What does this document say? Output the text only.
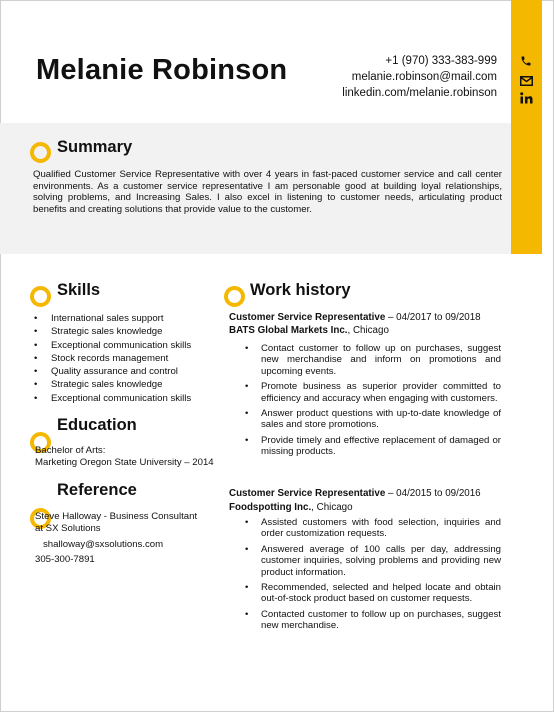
Melanie Robinson	+1 (970) 333-383-999
melanie.robinson@mail.com
linkedin.com/melanie.robinson
Summary
Qualified Customer Service Representative with over 4 years in fast-paced customer service and call center environments. As a customer service representative I am personable good at building loyal relationships, solving problems, and Increasing Sales. I also excel in listening to customer needs, articulating product benefits and creating solutions that provide value to the customer.
Skills
• International sales support
• Strategic sales knowledge
• Exceptional communication skills
• Stock records management
• Quality assurance and control
• Strategic sales knowledge
• Exceptional communication skills
Education
Bachelor of Arts:
Marketing Oregon State University – 2014
Reference
Steve Halloway - Business Consultant
at SX Solutions
shalloway@sxsolutions.com
305-300-7891
Work history
Customer Service Representative – 04/2017 to 09/2018
BATS Global Markets Inc., Chicago
• Contact customer to follow up on purchases, suggest new merchandise and inform on promotions and upcoming events.
• Promote business as superior provider committed to efficiency and accuracy when engaging with customers.
• Answer product questions with up-to-date knowledge of sales and store promotions.
• Provide timely and effective replacement of damaged or missing products.
Customer Service Representative – 04/2015 to 09/2016
Foodspotting Inc., Chicago
• Assisted customers with food selection, inquiries and order customization requests.
• Answered average of 100 calls per day, addressing customer inquiries, solving problems and providing new product information.
• Recommended, selected and helped locate and obtain out-of-stock product based on customer requests.
• Contacted customer to follow up on purchases, suggest new merchandise.
